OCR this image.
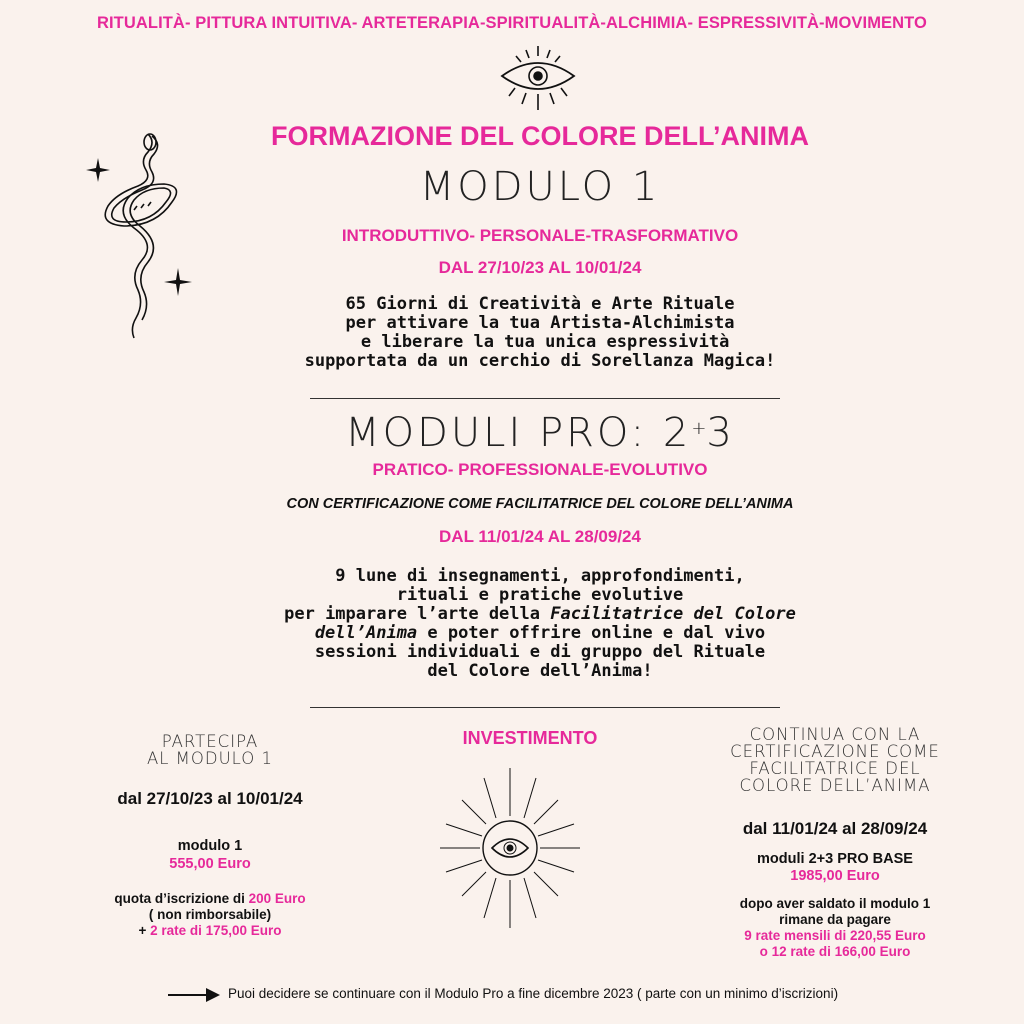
RITUALITÀ- PITTURA INTUITIVA- ARTETERAPIA-SPIRITUALITÀ-ALCHIMIA- ESPRESSIVITÀ-MOVIMENTO
FORMAZIONE DEL COLORE DELL’ANIMA
MODULO 1
INTRODUTTIVO- PERSONALE-TRASFORMATIVO
DAL 27/10/23 AL 10/01/24
65 Giorni di Creatività e Arte Rituale
per attivare la tua Artista-Alchimista
e liberare la tua unica espressività
supportata da un cerchio di Sorellanza Magica!
MODULI PRO: 2+3
PRATICO- PROFESSIONALE-EVOLUTIVO
CON CERTIFICAZIONE COME FACILITATRICE DEL COLORE DELL’ANIMA
DAL 11/01/24 AL 28/09/24
9 lune di insegnamenti, approfondimenti,
rituali e pratiche evolutive
per imparare l’arte della Facilitatrice del Colore
dell’Anima e poter offrire online e dal vivo
sessioni individuali e di gruppo del Rituale
del Colore dell’Anima!
PARTECIPA
AL MODULO 1
dal 27/10/23 al 10/01/24
modulo 1
555,00 Euro
quota d’iscrizione di 200 Euro
( non rimborsabile)
+ 2 rate di 175,00 Euro
INVESTIMENTO	CONTINUA CON LA
CERTIFICAZIONE COME
FACILITATRICE DEL
COLORE DELL’ANIMA
dal 11/01/24 al 28/09/24
moduli 2+3 PRO BASE
1985,00 Euro
dopo aver saldato il modulo 1
rimane da pagare
9 rate mensili di 220,55 Euro
o 12 rate di 166,00 Euro
Puoi decidere se continuare con il Modulo Pro a fine dicembre 2023 ( parte con un minimo d’iscrizioni)
